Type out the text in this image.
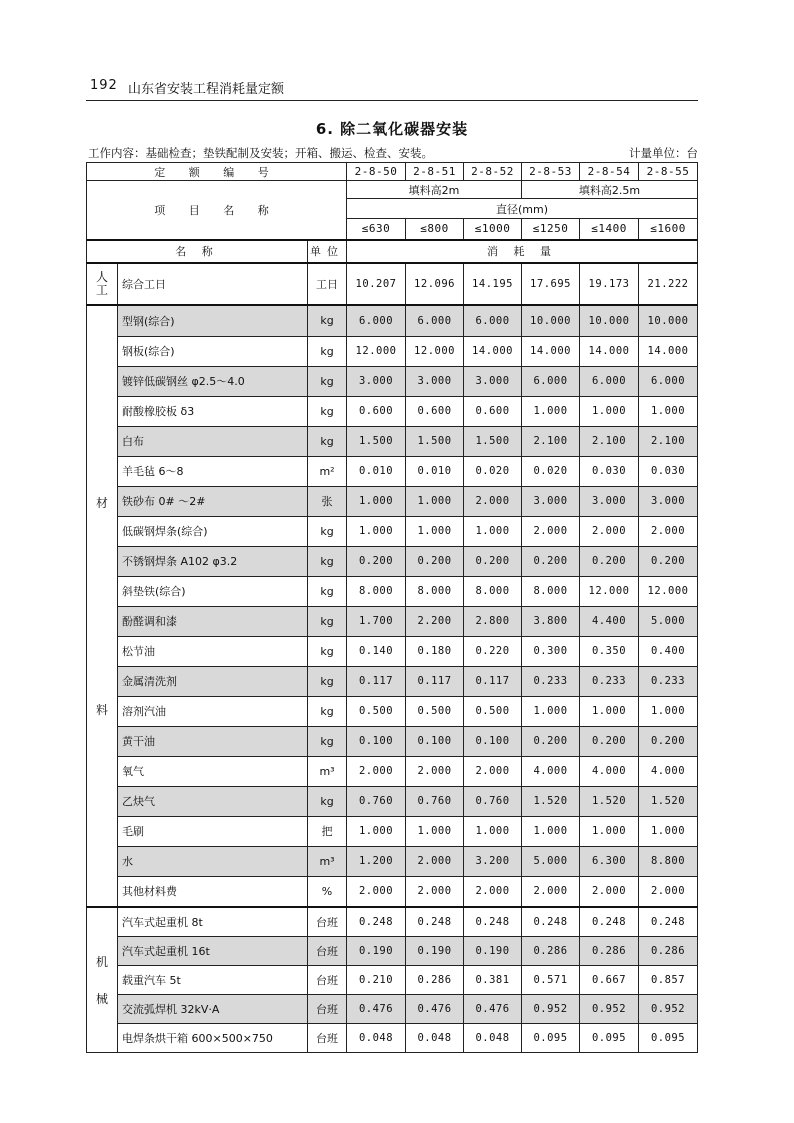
192 山东省安装工程消耗量定额
6. 除二氧化碳器安装
工作内容：基础检查；垫铁配制及安装；开箱、搬运、检查、安装。	计量单位：台
定 额 编 号			2-8-50	2-8-51	2-8-52	2-8-53	2-8-54	2-8-55
项 目 名 称			填料高2m			填料高2.5m		
			直径(mm)					
			≤630	≤800	≤1000	≤1250	≤1400	≤1600
名 称		单位	消 耗 量					
人工	综合工日	工日	10.207	12.096	14.195	17.695	19.173	21.222

材
料	型钢(综合)	kg	6.000	6.000	6.000	10.000	10.000	10.000
	钢板(综合)	kg	12.000	12.000	14.000	14.000	14.000	14.000
	镀锌低碳钢丝 φ2.5～4.0	kg	3.000	3.000	3.000	6.000	6.000	6.000
	耐酸橡胶板 δ3	kg	0.600	0.600	0.600	1.000	1.000	1.000
	白布	kg	1.500	1.500	1.500	2.100	2.100	2.100
	羊毛毡 6～8	m²	0.010	0.010	0.020	0.020	0.030	0.030
	铁砂布 0# ～2#	张	1.000	1.000	2.000	3.000	3.000	3.000
	低碳钢焊条(综合)	kg	1.000	1.000	1.000	2.000	2.000	2.000
	不锈钢焊条 A102 φ3.2	kg	0.200	0.200	0.200	0.200	0.200	0.200
	斜垫铁(综合)	kg	8.000	8.000	8.000	8.000	12.000	12.000
	酚醛调和漆	kg	1.700	2.200	2.800	3.800	4.400	5.000
	松节油	kg	0.140	0.180	0.220	0.300	0.350	0.400
	金属清洗剂	kg	0.117	0.117	0.117	0.233	0.233	0.233
	溶剂汽油	kg	0.500	0.500	0.500	1.000	1.000	1.000
	黄干油	kg	0.100	0.100	0.100	0.200	0.200	0.200
	氧气	m³	2.000	2.000	2.000	4.000	4.000	4.000
	乙炔气	kg	0.760	0.760	0.760	1.520	1.520	1.520
	毛刷	把	1.000	1.000	1.000	1.000	1.000	1.000
	水	m³	1.200	2.000	3.200	5.000	6.300	8.800
	其他材料费	%	2.000	2.000	2.000	2.000	2.000	2.000

机
械	汽车式起重机 8t	台班	0.248	0.248	0.248	0.248	0.248	0.248
	汽车式起重机 16t	台班	0.190	0.190	0.190	0.286	0.286	0.286
	载重汽车 5t	台班	0.210	0.286	0.381	0.571	0.667	0.857
	交流弧焊机 32kV·A	台班	0.476	0.476	0.476	0.952	0.952	0.952
	电焊条烘干箱 600×500×750	台班	0.048	0.048	0.048	0.095	0.095	0.095
